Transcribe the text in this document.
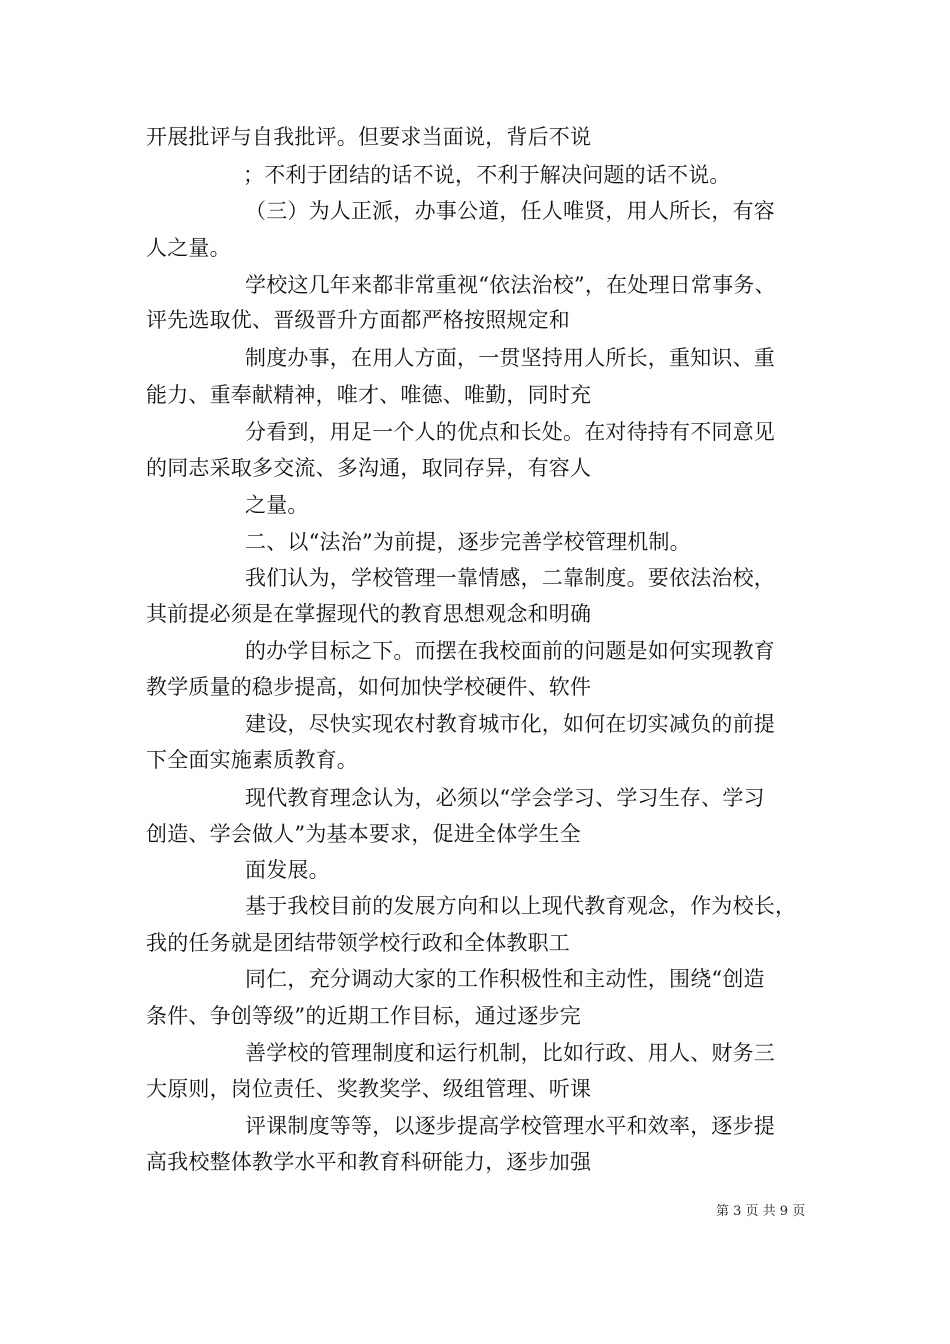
开展批评与自我批评。但要求当面说，背后不说
；不利于团结的话不说，不利于解决问题的话不说。
（三）为人正派，办事公道，任人唯贤，用人所长，有容
人之量。
学校这几年来都非常重视“依法治校”，在处理日常事务、
评先选取优、晋级晋升方面都严格按照规定和
制度办事，在用人方面，一贯坚持用人所长，重知识、重
能力、重奉献精神，唯才、唯德、唯勤，同时充
分看到，用足一个人的优点和长处。在对待持有不同意见
的同志采取多交流、多沟通，取同存异，有容人
之量。
二、以“法治”为前提，逐步完善学校管理机制。
我们认为，学校管理一靠情感，二靠制度。要依法治校，
其前提必须是在掌握现代的教育思想观念和明确
的办学目标之下。而摆在我校面前的问题是如何实现教育
教学质量的稳步提高，如何加快学校硬件、软件
建设，尽快实现农村教育城市化，如何在切实减负的前提
下全面实施素质教育。
现代教育理念认为，必须以“学会学习、学习生存、学习
创造、学会做人”为基本要求，促进全体学生全
面发展。
基于我校目前的发展方向和以上现代教育观念，作为校长，
我的任务就是团结带领学校行政和全体教职工
同仁，充分调动大家的工作积极性和主动性，围绕“创造
条件、争创等级”的近期工作目标，通过逐步完
善学校的管理制度和运行机制，比如行政、用人、财务三
大原则，岗位责任、奖教奖学、级组管理、听课
评课制度等等，以逐步提高学校管理水平和效率，逐步提
高我校整体教学水平和教育科研能力，逐步加强
第 3 页 共 9 页
